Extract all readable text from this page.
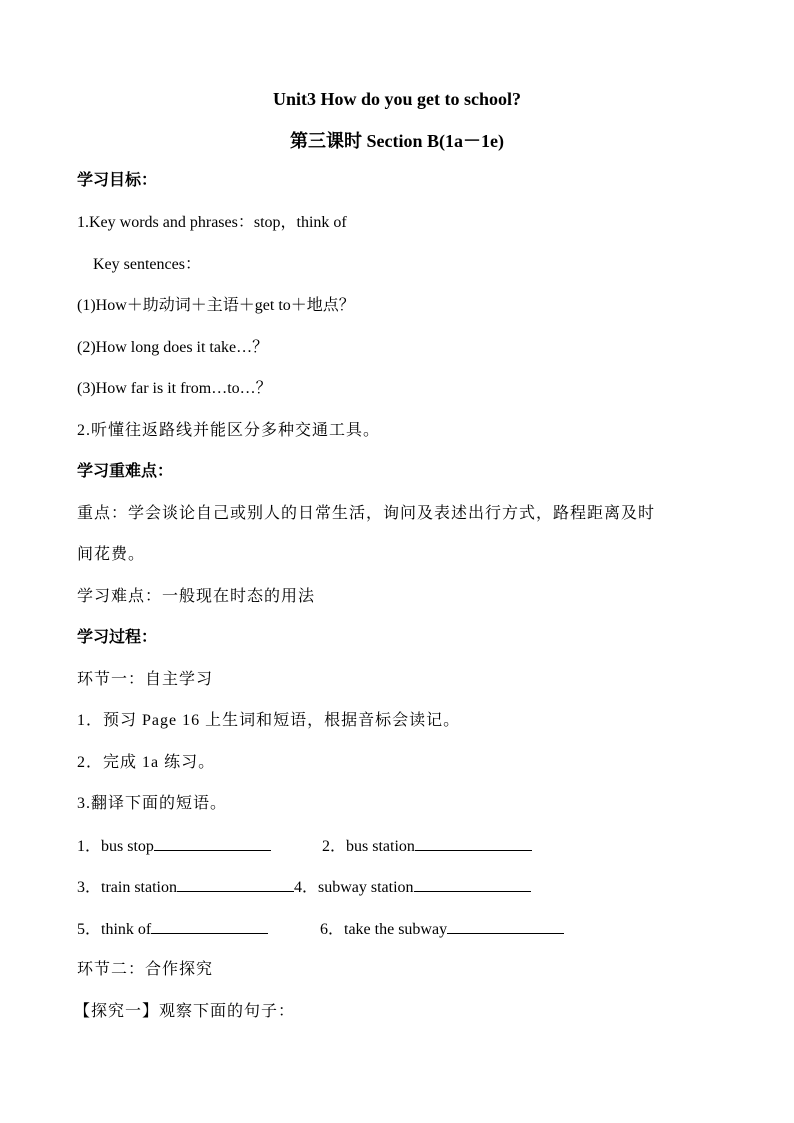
Unit3 How do you get to school?
第三课时 Section B(1a－1e)
学习目标：
1.Key words and phrases：stop，think of
Key sentences：
(1)How＋助动词＋主语＋get to＋地点？
(2)How long does it take…？
(3)How far is it from…to…？
2.听懂往返路线并能区分多种交通工具。
学习重难点：
重点：学会谈论自己或别人的日常生活，询问及表述出行方式，路程距离及时
间花费。
学习难点：一般现在时态的用法
学习过程：
环节一：自主学习
1．预习 Page 16 上生词和短语，根据音标会读记。
2．完成 1a 练习。
3.翻译下面的短语。
1．bus stop	2．bus station
3．train station	4．subway station
5．think of	6．take the subway
环节二：合作探究
【探究一】观察下面的句子：
